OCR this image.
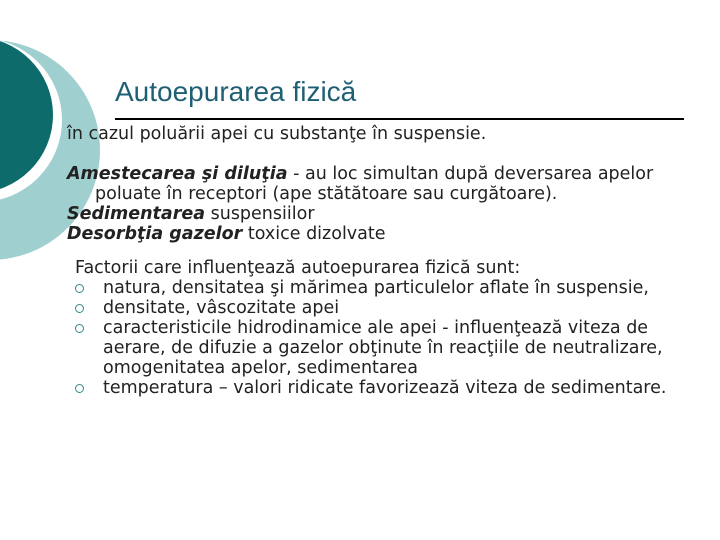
Autoepurarea fizică

în cazul poluării apei cu substanţe în suspensie.

Amestecarea şi diluţia - au loc simultan după deversarea apelor poluate în receptori (ape stătătoare sau curgătoare).

Sedimentarea suspensiilor

Desorbţia gazelor toxice dizolvate

Factorii care influenţează autoepurarea fizică sunt:

natura, densitatea şi mărimea particulelor aflate în suspensie,

densitate, vâscozitate apei

caracteristicile hidrodinamice ale apei - influenţează viteza de aerare, de difuzie a gazelor obţinute în reacţiile de neutralizare, omogenitatea apelor, sedimentarea

temperatura – valori ridicate favorizează viteza de sedimentare.
